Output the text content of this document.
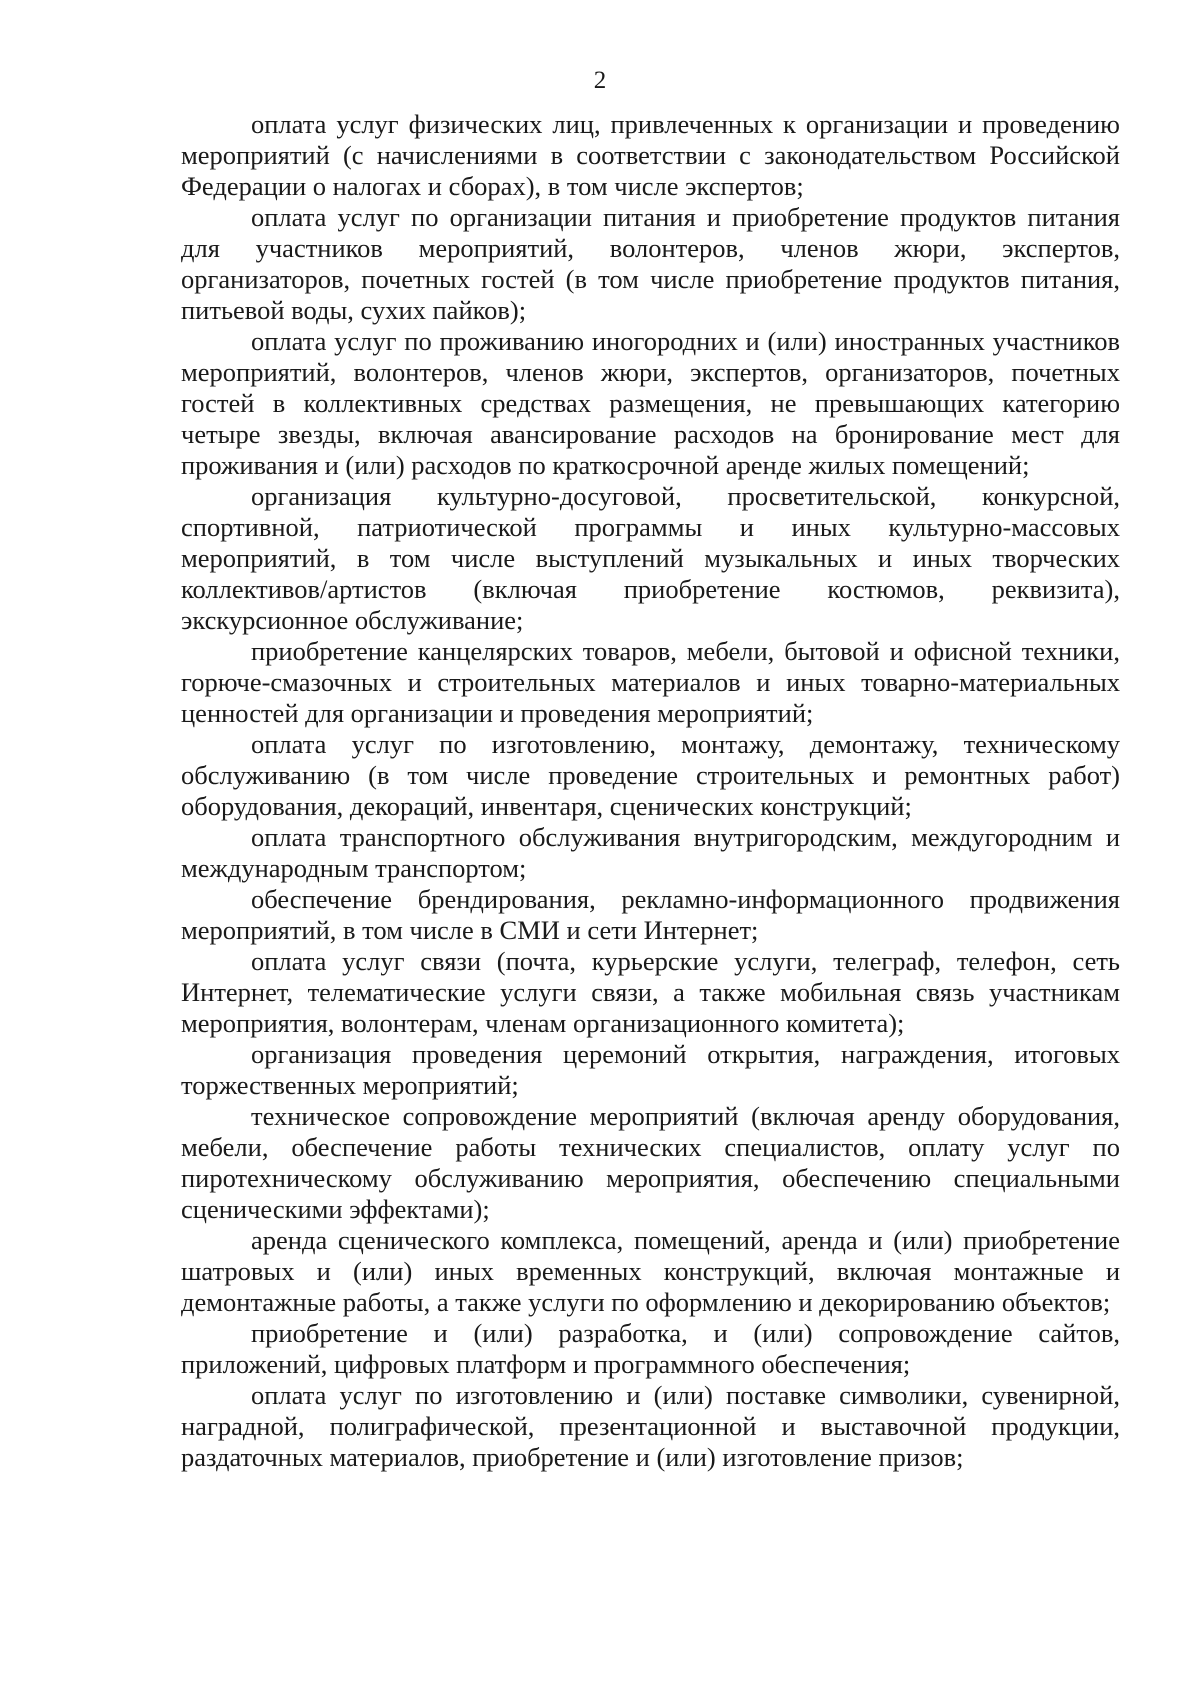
2

оплата услуг физических лиц, привлеченных к организации и проведению мероприятий (с начислениями в соответствии с законодательством Российской Федерации о налогах и сборах), в том числе экспертов;

оплата услуг по организации питания и приобретение продуктов питания для участников мероприятий, волонтеров, членов жюри, экспертов, организаторов, почетных гостей (в том числе приобретение продуктов питания, питьевой воды, сухих пайков);

оплата услуг по проживанию иногородних и (или) иностранных участников мероприятий, волонтеров, членов жюри, экспертов, организаторов, почетных гостей в коллективных средствах размещения, не превышающих категорию четыре звезды, включая авансирование расходов на бронирование мест для проживания и (или) расходов по краткосрочной аренде жилых помещений;

организация культурно-досуговой, просветительской, конкурсной, спортивной, патриотической программы и иных культурно-массовых мероприятий, в том числе выступлений музыкальных и иных творческих коллективов/артистов (включая приобретение костюмов, реквизита), экскурсионное обслуживание;

приобретение канцелярских товаров, мебели, бытовой и офисной техники, горюче-смазочных и строительных материалов и иных товарно-материальных ценностей для организации и проведения мероприятий;

оплата услуг по изготовлению, монтажу, демонтажу, техническому обслуживанию (в том числе проведение строительных и ремонтных работ) оборудования, декораций, инвентаря, сценических конструкций;

оплата транспортного обслуживания внутригородским, междугородним и международным транспортом;

обеспечение брендирования, рекламно-информационного продвижения мероприятий, в том числе в СМИ и сети Интернет;

оплата услуг связи (почта, курьерские услуги, телеграф, телефон, сеть Интернет, телематические услуги связи, а также мобильная связь участникам мероприятия, волонтерам, членам организационного комитета);

организация проведения церемоний открытия, награждения, итоговых торжественных мероприятий;

техническое сопровождение мероприятий (включая аренду оборудования, мебели, обеспечение работы технических специалистов, оплату услуг по пиротехническому обслуживанию мероприятия, обеспечению специальными сценическими эффектами);

аренда сценического комплекса, помещений, аренда и (или) приобретение шатровых и (или) иных временных конструкций, включая монтажные и демонтажные работы, а также услуги по оформлению и декорированию объектов;

приобретение и (или) разработка, и (или) сопровождение сайтов, приложений, цифровых платформ и программного обеспечения;

оплата услуг по изготовлению и (или) поставке символики, сувенирной, наградной, полиграфической, презентационной и выставочной продукции, раздаточных материалов, приобретение и (или) изготовление призов;
